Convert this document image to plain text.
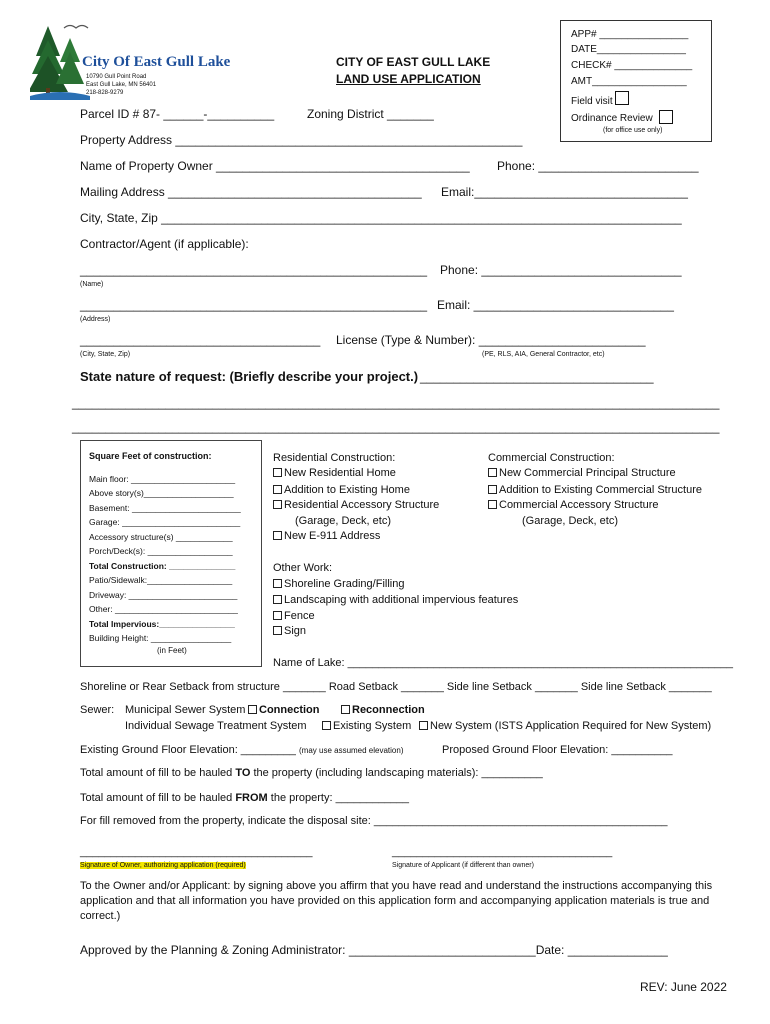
City Of East Gull Lake
10790 Gull Point Road
East Gull Lake, MN 56401
218-828-9279
CITY OF EAST GULL LAKE
LAND USE APPLICATION
APP# ________________
DATE________________
CHECK# ______________
AMT_________________
Field visit
Ordinance Review
(for office use only)
Parcel ID # 87- ______-__________	Zoning District _______
Property Address ____________________________________________________
Name of Property Owner ______________________________________ Phone: ________________________
Mailing Address ______________________________________ Email:________________________________
City, State, Zip ______________________________________________________________________________
Contractor/Agent (if applicable):
____________________________________________________ Phone: ______________________________
(Name)
____________________________________________________ Email: ______________________________
(Address)
____________________________________ License (Type & Number): _________________________
(City, State, Zip)	(PE, RLS, AIA, General Contractor, etc)
State nature of request: (Briefly describe your project.) ___________________________________
_________________________________________________________________________________________________
_________________________________________________________________________________________________
Square Feet of construction:
Main floor: ______________________
Above story(s)___________________
Basement: _______________________
Garage: _________________________
Accessory structure(s) ____________
Porch/Deck(s): __________________
Total Construction: ______________
Patio/Sidewalk:__________________
Driveway: _______________________
Other: __________________________
Total Impervious:________________
Building Height: _________________
(in Feet)
Residential Construction:
New Residential Home
Addition to Existing Home
Residential Accessory Structure
(Garage, Deck, etc)
New E-911 Address
Commercial Construction:
New Commercial Principal Structure
Addition to Existing Commercial Structure
Commercial Accessory Structure
(Garage, Deck, etc)
Other Work:
Shoreline Grading/Filling
Landscaping with additional impervious features
Fence
Sign
Name of Lake: _______________________________________________________________
Shoreline or Rear Setback from structure _______ Road Setback _______ Side line Setback _______ Side line Setback _______
Sewer: Municipal Sewer System	Connection	Reconnection
Individual Sewage Treatment System	Existing System	New System (ISTS Application Required for New System)
Existing Ground Floor Elevation: _________ (may use assumed elevation)	Proposed Ground Floor Elevation: __________
Total amount of fill to be hauled TO the property (including landscaping materials): __________
Total amount of fill to be hauled FROM the property: ____________
For fill removed from the property, indicate the disposal site: ________________________________________________
______________________________________	____________________________________
Signature of Owner, authorizing application (required)	Signature of Applicant (if different than owner)
To the Owner and/or Applicant: by signing above you affirm that you have read and understand the instructions accompanying this application and that all information you have provided on this application form and accompanying application materials is true and correct.)
Approved by the Planning & Zoning Administrator: ____________________________Date: _______________
REV: June 2022
